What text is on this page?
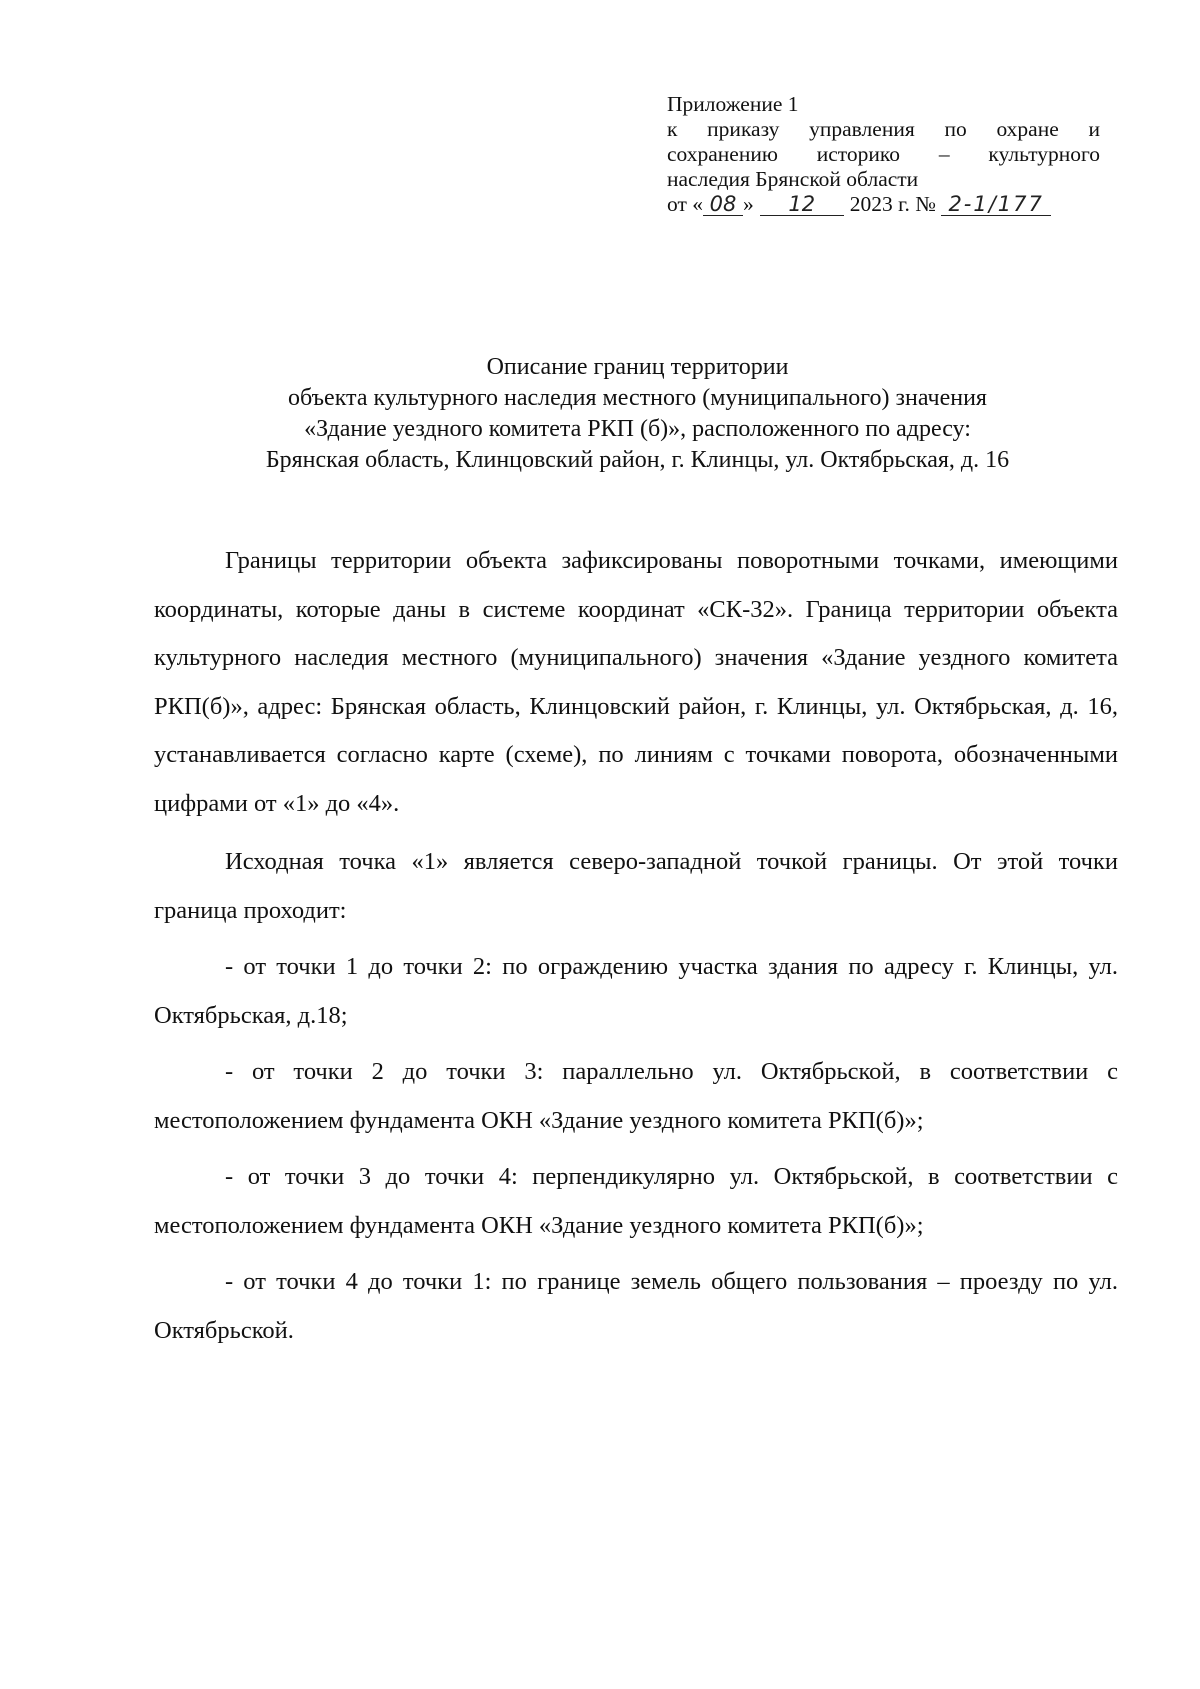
Приложение 1
к приказу управления по охране и
сохранению историко – культурного
наследия Брянской области
от « 08 » 12 2023 г. № 2-1/177
Описание границ территории
объекта культурного наследия местного (муниципального) значения
«Здание уездного комитета РКП (б)», расположенного по адресу:
Брянская область, Клинцовский район, г. Клинцы, ул. Октябрьская, д. 16

Границы территории объекта зафиксированы поворотными точками, имеющими координаты, которые даны в системе координат «СК-32». Граница территории объекта культурного наследия местного (муниципального) значения «Здание уездного комитета РКП(б)», адрес: Брянская область, Клинцовский район, г. Клинцы, ул. Октябрьская, д. 16, устанавливается согласно карте (схеме), по линиям с точками поворота, обозначенными цифрами от «1» до «4».

Исходная точка «1» является северо-западной точкой границы. От этой точки граница проходит:

- от точки 1 до точки 2: по ограждению участка здания по адресу г. Клинцы, ул. Октябрьская, д.18;

- от точки 2 до точки 3: параллельно ул. Октябрьской, в соответствии с местоположением фундамента ОКН «Здание уездного комитета РКП(б)»;

- от точки 3 до точки 4: перпендикулярно ул. Октябрьской, в соответствии с местоположением фундамента ОКН «Здание уездного комитета РКП(б)»;

- от точки 4 до точки 1: по границе земель общего пользования – проезду по ул. Октябрьской.
